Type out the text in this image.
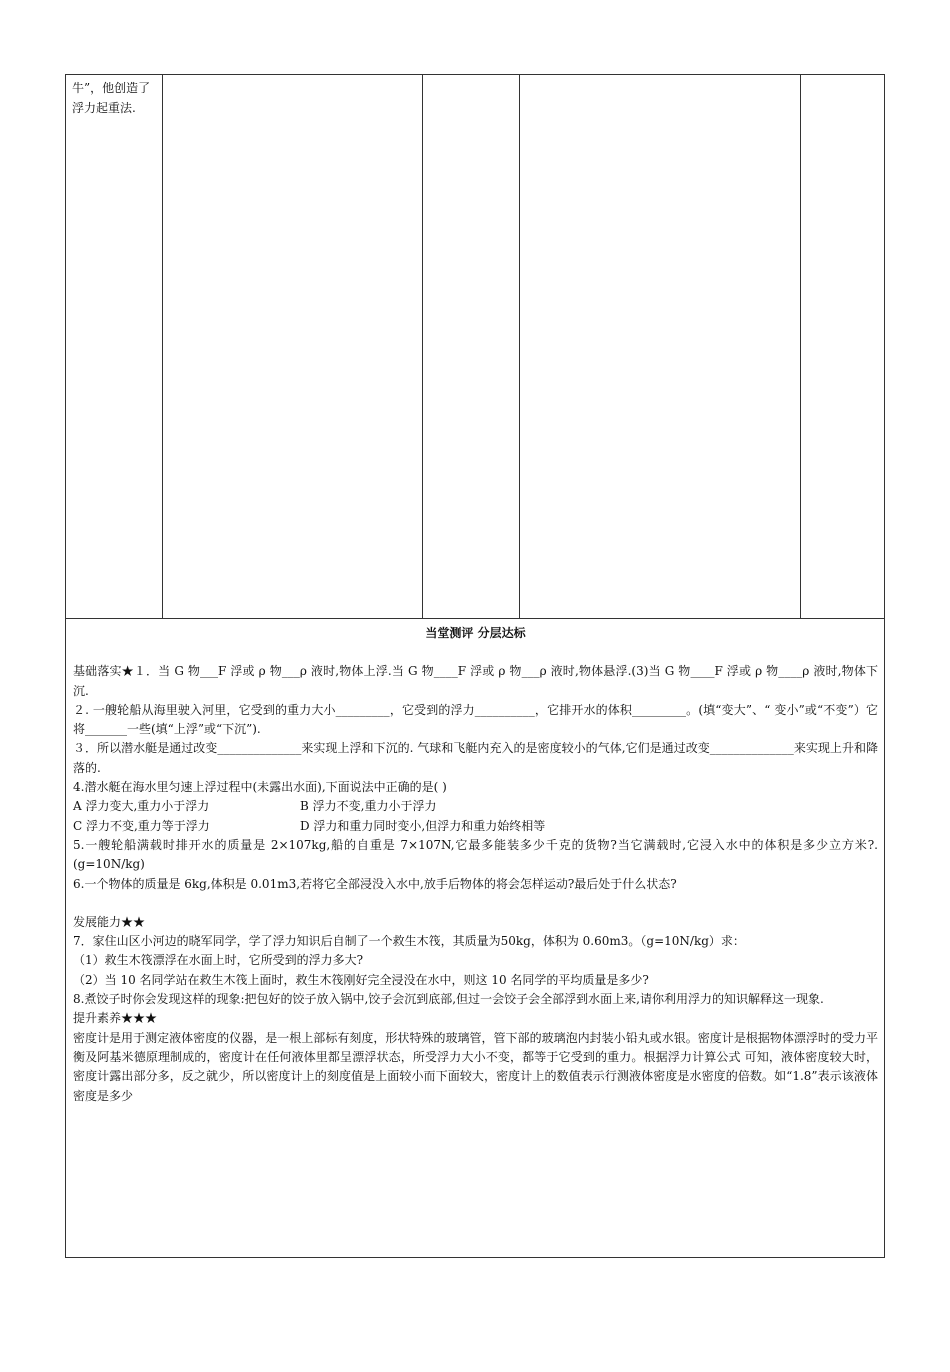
牛”，他创造了浮力起重法.
当堂测评 分层达标

基础落实★１．当 G 物___F 浮或 ρ 物___ρ 液时,物体上浮.当 G 物____F 浮或 ρ 物___ρ 液时,物体悬浮.(3)当 G 物____F 浮或 ρ 物____ρ 液时,物体下沉.

２. 一艘轮船从海里驶入河里，它受到的重力大小_________，它受到的浮力__________，它排开水的体积_________。(填“变大”、“ 变小”或“不变”）它将_______一些(填“上浮”或“下沉”).

３．所以潜水艇是通过改变______________来实现上浮和下沉的. 气球和飞艇内充入的是密度较小的气体,它们是通过改变______________来实现上升和降落的.

4.潜水艇在海水里匀速上浮过程中(未露出水面),下面说法中正确的是( )

A 浮力变大,重力小于浮力	B 浮力不变,重力小于浮力
C 浮力不变,重力等于浮力	D 浮力和重力同时变小,但浮力和重力始终相等

5.一艘轮船满载时排开水的质量是 2×107kg,船的自重是 7×107N,它最多能装多少千克的货物?当它满载时,它浸入水中的体积是多少立方米?.(g=10N/kg)

6.一个物体的质量是 6kg,体积是 0.01m3,若将它全部浸没入水中,放手后物体的将会怎样运动?最后处于什么状态?

发展能力★★

7．家住山区小河边的晓军同学，学了浮力知识后自制了一个救生木筏，其质量为50kg，体积为 0.60m3。（g=10N/kg）求：

（1）救生木筏漂浮在水面上时，它所受到的浮力多大?

（2）当 10 名同学站在救生木筏上面时，救生木筏刚好完全浸没在水中，则这 10 名同学的平均质量是多少?

8.煮饺子时你会发现这样的现象:把包好的饺子放入锅中,饺子会沉到底部,但过一会饺子会全部浮到水面上来,请你利用浮力的知识解释这一现象.

提升素养★★★

密度计是用于测定液体密度的仪器，是一根上部标有刻度，形状特殊的玻璃管，管下部的玻璃泡内封装小铅丸或水银。密度计是根据物体漂浮时的受力平衡及阿基米德原理制成的，密度计在任何液体里都呈漂浮状态，所受浮力大小不变，都等于它受到的重力。根据浮力计算公式 可知，液体密度较大时，密度计露出部分多，反之就少，所以密度计上的刻度值是上面较小而下面较大，密度计上的数值表示行测液体密度是水密度的倍数。如“1.8”表示该液体密度是多少
